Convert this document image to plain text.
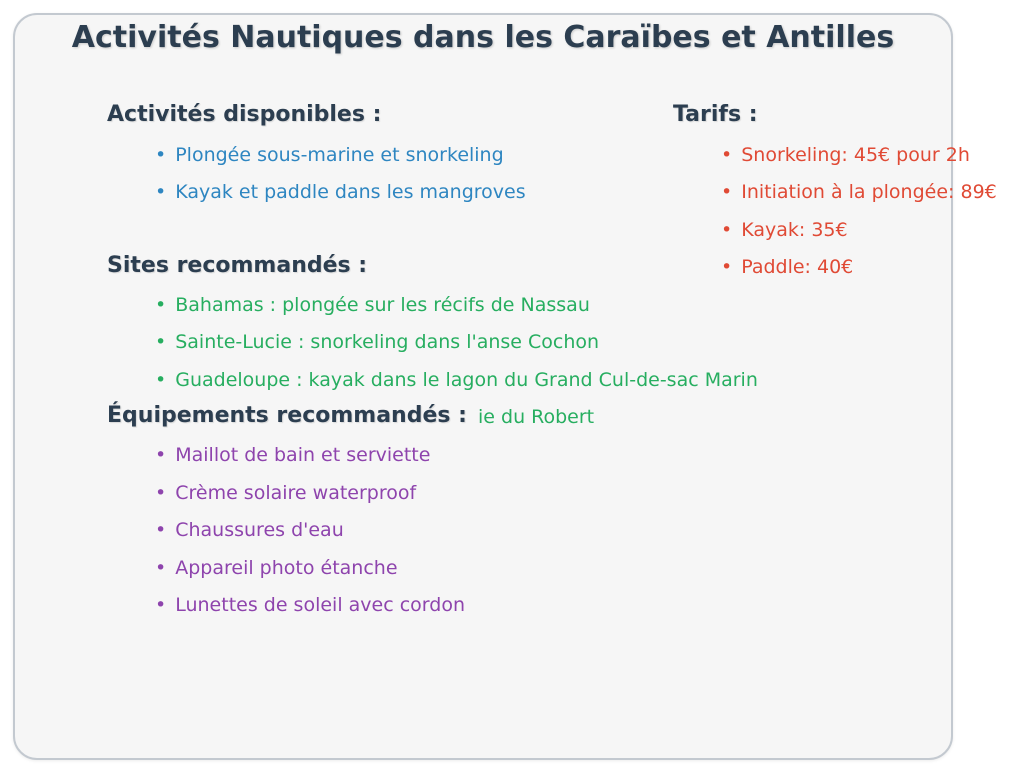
Activités Nautiques dans les Caraïbes et Antilles
Activités disponibles :
• Plongée sous-marine et snorkeling
• Kayak et paddle dans les mangroves
Tarifs :
• Snorkeling: 45€ pour 2h
• Initiation à la plongée: 89€
• Kayak: 35€
• Paddle: 40€
Sites recommandés :
• Bahamas : plongée sur les récifs de Nassau
• Sainte-Lucie : snorkeling dans l'anse Cochon
• Guadeloupe : kayak dans le lagon du Grand Cul-de-sac Marin
ie du Robert
Équipements recommandés :
• Maillot de bain et serviette
• Crème solaire waterproof
• Chaussures d'eau
• Appareil photo étanche
• Lunettes de soleil avec cordon
